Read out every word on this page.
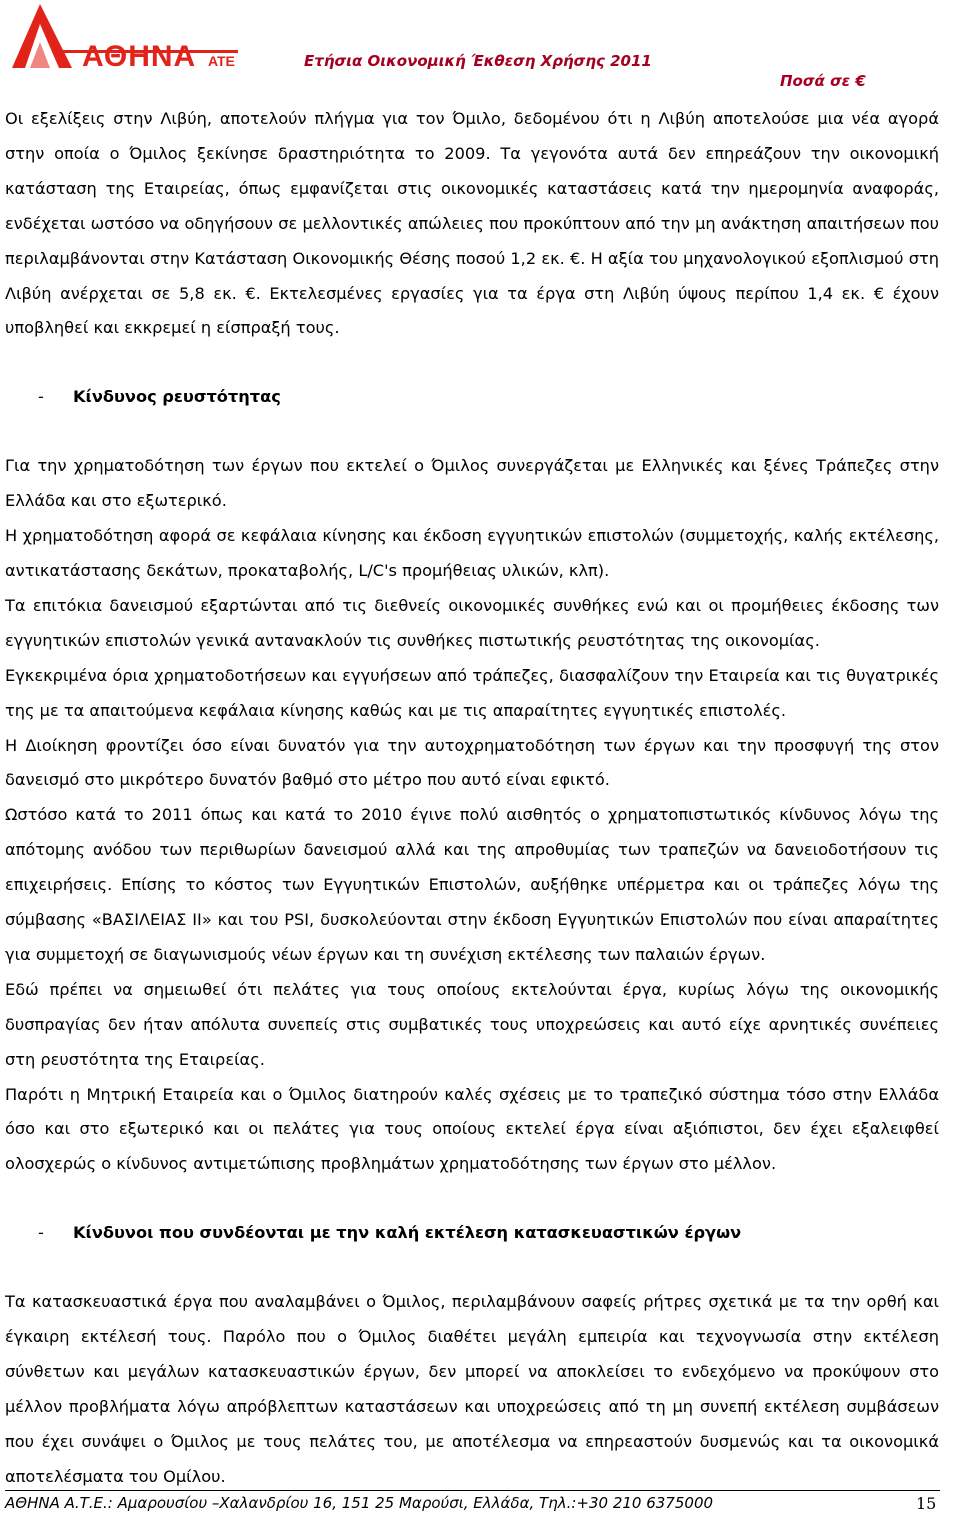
ΑΘΗΝΑ ΑΤΕ	Ετήσια Οικονομική Έκθεση Χρήσης 2011
Ποσά σε €

Οι εξελίξεις στην Λιβύη, αποτελούν πλήγμα για τον Όμιλο, δεδομένου ότι η Λιβύη αποτελούσε μια νέα αγορά στην οποία ο Όμιλος ξεκίνησε δραστηριότητα το 2009. Τα γεγονότα αυτά δεν επηρεάζουν την οικονομική κατάσταση της Εταιρείας, όπως εμφανίζεται στις οικονομικές καταστάσεις κατά την ημερομηνία αναφοράς, ενδέχεται ωστόσο να οδηγήσουν σε μελλοντικές απώλειες που προκύπτουν από την μη ανάκτηση απαιτήσεων που περιλαμβάνονται στην Κατάσταση Οικονομικής Θέσης ποσού 1,2 εκ. €. Η αξία του μηχανολογικού εξοπλισμού στη Λιβύη ανέρχεται σε 5,8 εκ. €. Εκτελεσμένες εργασίες για τα έργα στη Λιβύη ύψους περίπου 1,4 εκ. € έχουν υποβληθεί και εκκρεμεί η είσπραξή τους.

-	Κίνδυνος ρευστότητας

Για την χρηματοδότηση των έργων που εκτελεί ο Όμιλος συνεργάζεται με Ελληνικές και ξένες Τράπεζες στην Ελλάδα και στο εξωτερικό.

Η χρηματοδότηση αφορά σε κεφάλαια κίνησης και έκδοση εγγυητικών επιστολών (συμμετοχής, καλής εκτέλεσης, αντικατάστασης δεκάτων, προκαταβολής, L/C's προμήθειας υλικών, κλπ).

Τα επιτόκια δανεισμού εξαρτώνται από τις διεθνείς οικονομικές συνθήκες ενώ και οι προμήθειες έκδοσης των εγγυητικών επιστολών γενικά αντανακλούν τις συνθήκες πιστωτικής ρευστότητας της οικονομίας.

Εγκεκριμένα όρια χρηματοδοτήσεων και εγγυήσεων από τράπεζες, διασφαλίζουν την Εταιρεία και τις θυγατρικές της με τα απαιτούμενα κεφάλαια κίνησης καθώς και με τις απαραίτητες εγγυητικές επιστολές.

Η Διοίκηση φροντίζει όσο είναι δυνατόν για την αυτοχρηματοδότηση των έργων και την προσφυγή της στον δανεισμό στο μικρότερο δυνατόν βαθμό στο μέτρο που αυτό είναι εφικτό.

Ωστόσο κατά το 2011 όπως και κατά το 2010 έγινε πολύ αισθητός ο χρηματοπιστωτικός κίνδυνος λόγω της απότομης ανόδου των περιθωρίων δανεισμού αλλά και της απροθυμίας των τραπεζών να δανειοδοτήσουν τις επιχειρήσεις. Επίσης το κόστος των Εγγυητικών Επιστολών, αυξήθηκε υπέρμετρα και οι τράπεζες λόγω της σύμβασης «ΒΑΣΙΛΕΙΑΣ ΙΙ» και του PSI, δυσκολεύονται στην έκδοση Εγγυητικών Επιστολών που είναι απαραίτητες για συμμετοχή σε διαγωνισμούς νέων έργων και τη συνέχιση εκτέλεσης των παλαιών έργων.

Εδώ πρέπει να σημειωθεί ότι πελάτες για τους οποίους εκτελούνται έργα, κυρίως λόγω της οικονομικής δυσπραγίας δεν ήταν απόλυτα συνεπείς στις συμβατικές τους υποχρεώσεις και αυτό είχε αρνητικές συνέπειες στη ρευστότητα της Εταιρείας.

Παρότι η Μητρική Εταιρεία και ο Όμιλος διατηρούν καλές σχέσεις με το τραπεζικό σύστημα τόσο στην Ελλάδα όσο και στο εξωτερικό και οι πελάτες για τους οποίους εκτελεί έργα είναι αξιόπιστοι, δεν έχει εξαλειφθεί ολοσχερώς ο κίνδυνος αντιμετώπισης προβλημάτων χρηματοδότησης των έργων στο μέλλον.

-	Κίνδυνοι που συνδέονται με την καλή εκτέλεση κατασκευαστικών έργων

Τα κατασκευαστικά έργα που αναλαμβάνει ο Όμιλος, περιλαμβάνουν σαφείς ρήτρες σχετικά με τα την ορθή και έγκαιρη εκτέλεσή τους. Παρόλο που ο Όμιλος διαθέτει μεγάλη εμπειρία και τεχνογνωσία στην εκτέλεση σύνθετων και μεγάλων κατασκευαστικών έργων, δεν μπορεί να αποκλείσει το ενδεχόμενο να προκύψουν στο μέλλον προβλήματα λόγω απρόβλεπτων καταστάσεων και υποχρεώσεις από τη μη συνεπή εκτέλεση συμβάσεων που έχει συνάψει ο Όμιλος με τους πελάτες του, με αποτέλεσμα να επηρεαστούν δυσμενώς και τα οικονομικά αποτελέσματα του Ομίλου.

ΑΘΗΝΑ Α.Τ.Ε.: Αμαρουσίου –Χαλανδρίου 16, 151 25 Μαρούσι, Ελλάδα, Τηλ.:+30 210 6375000	15
